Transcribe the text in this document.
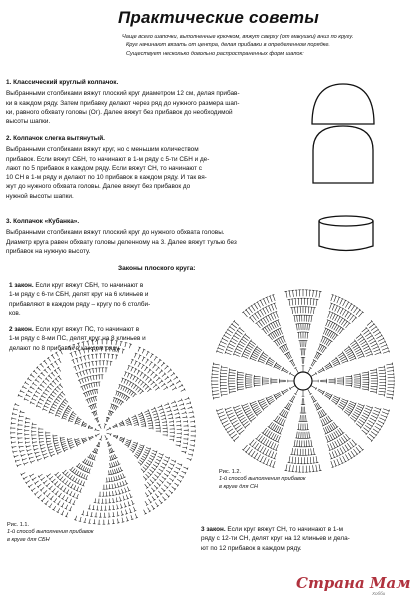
Практические советы
Чаще всего шапочки, выполненные крючком, вяжут сверху (от макушки) вниз по кругу.
Круг начинают вязать от центра, делая прибавки в определенном порядке.
Существует несколько довольно распространенных форм шапок:
1. Классический круглый колпачок.
Выбранными столбиками вяжут плоский круг диаметром 12 см, делая прибав-
ки в каждом ряду. Затем прибавку делают через ряд до нужного размера шап-
ки, равного обхвату головы (Ог). Далее вяжут без прибавок до необходимой
высоты шапки.
2. Колпачок слегка вытянутый.
Выбранными столбиками вяжут круг, но с меньшим количеством
прибавок. Если вяжут СБН, то начинают в 1-м ряду с 5-ти СБН и де-
лают по 5 прибавок в каждом ряду. Если вяжут СН, то начинают с
10 СН в 1-м ряду и делают по 10 прибавок в каждом ряду. И так вя-
жут до нужного обхвата головы. Далее вяжут без прибавок до
нужной высоты шапки.
3. Колпачок «Кубанка».
Выбранными столбиками вяжут плоский круг до нужного обхвата головы.
Диаметр круга равен обхвату головы деленному на 3. Далее вяжут тулью без
прибавок на нужную высоту.
Законы плоского круга:
1 закон. Если круг вяжут СБН, то начинают в
1-м ряду с 6-ти СБН, делят круг на 6 клиньев и
прибавляют в каждом ряду – кругу по 6 столби-
ков.
2 закон. Если круг вяжут ПС, то начинают в
1-м ряду с 8-ми ПС, делят круг на 8 клиньев и
делают по 8 прибавок в каждом ряду.
Рис. 1.1.
1-й способ выполнения прибавок
в круге для СБН
Рис. 1.2.
1-й способ выполнения прибавок
в круге для СН
3 закон. Если круг вяжут СН, то начинают в 1-м
ряду с 12-ти СН, делят круг на 12 клиньев и дела-
ют по 12 прибавок в каждом ряду.
Страна Мам
Хобби
